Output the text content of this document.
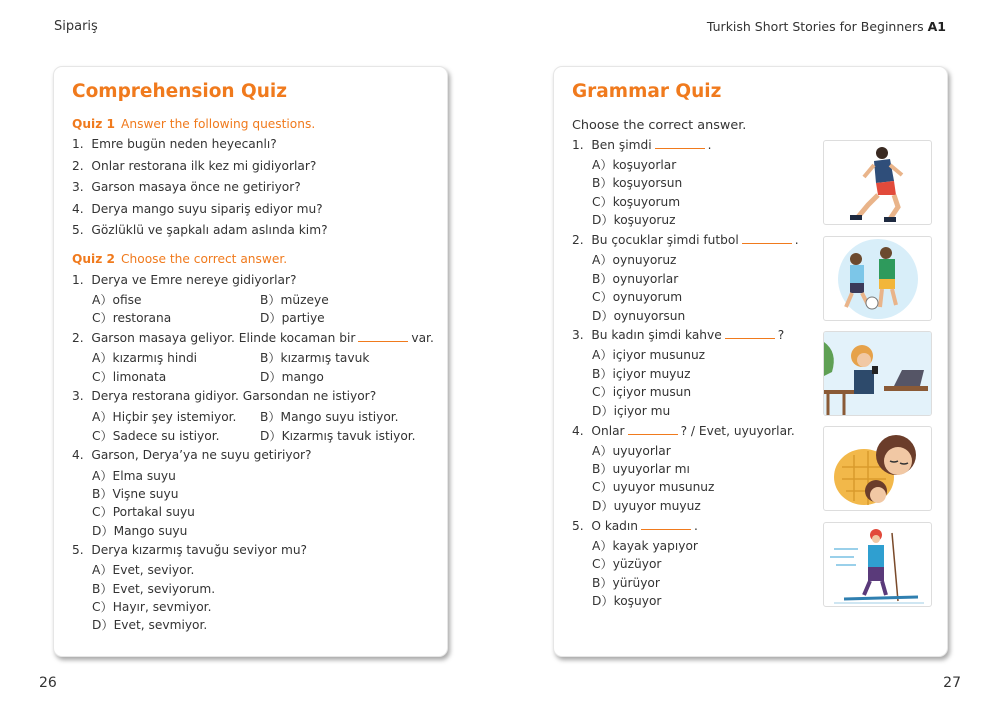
Sipariş	Turkish Short Stories for Beginners A1
Comprehension Quiz
Quiz 1 Answer the following questions.
1. Emre bugün neden heyecanlı?
2. Onlar restorana ilk kez mi gidiyorlar?
3. Garson masaya önce ne getiriyor?
4. Derya mango suyu sipariş ediyor mu?
5. Gözlüklü ve şapkalı adam aslında kim?
Quiz 2 Choose the correct answer.
1. Derya ve Emre nereye gidiyorlar?
A）ofise	B）müzeye
C）restorana	D）partiye
2. Garson masaya geliyor. Elinde kocaman bir	var.
A）kızarmış hindi	B）kızarmış tavuk
C）limonata	D）mango
3. Derya restorana gidiyor. Garsondan ne istiyor?
A）Hiçbir şey istemiyor. B）Mango suyu istiyor.
C）Sadece su istiyor.	D）Kızarmış tavuk istiyor.
4. Garson, Derya’ya ne suyu getiriyor?
A）Elma suyu
B）Vişne suyu
C）Portakal suyu
D）Mango suyu
5. Derya kızarmış tavuğu seviyor mu?
A）Evet, seviyor.
B）Evet, seviyorum.
C）Hayır, sevmiyor.
D）Evet, sevmiyor.
Grammar Quiz
Choose the correct answer.
1. Ben şimdi	.
A）koşuyorlar
B）koşuyorsun
C）koşuyorum
D）koşuyoruz
2. Bu çocuklar şimdi futbol	.
A）oynuyoruz
B）oynuyorlar
C）oynuyorum
D）oynuyorsun
3. Bu kadın şimdi kahve	?
A）içiyor musunuz
B）içiyor muyuz
C）içiyor musun
D）içiyor mu
4. Onlar	? / Evet, uyuyorlar.
A）uyuyorlar
B）uyuyorlar mı
C）uyuyor musunuz
D）uyuyor muyuz
5. O kadın	.
A）kayak yapıyor
C）yüzüyor
B）yürüyor
D）koşuyor
26	27
